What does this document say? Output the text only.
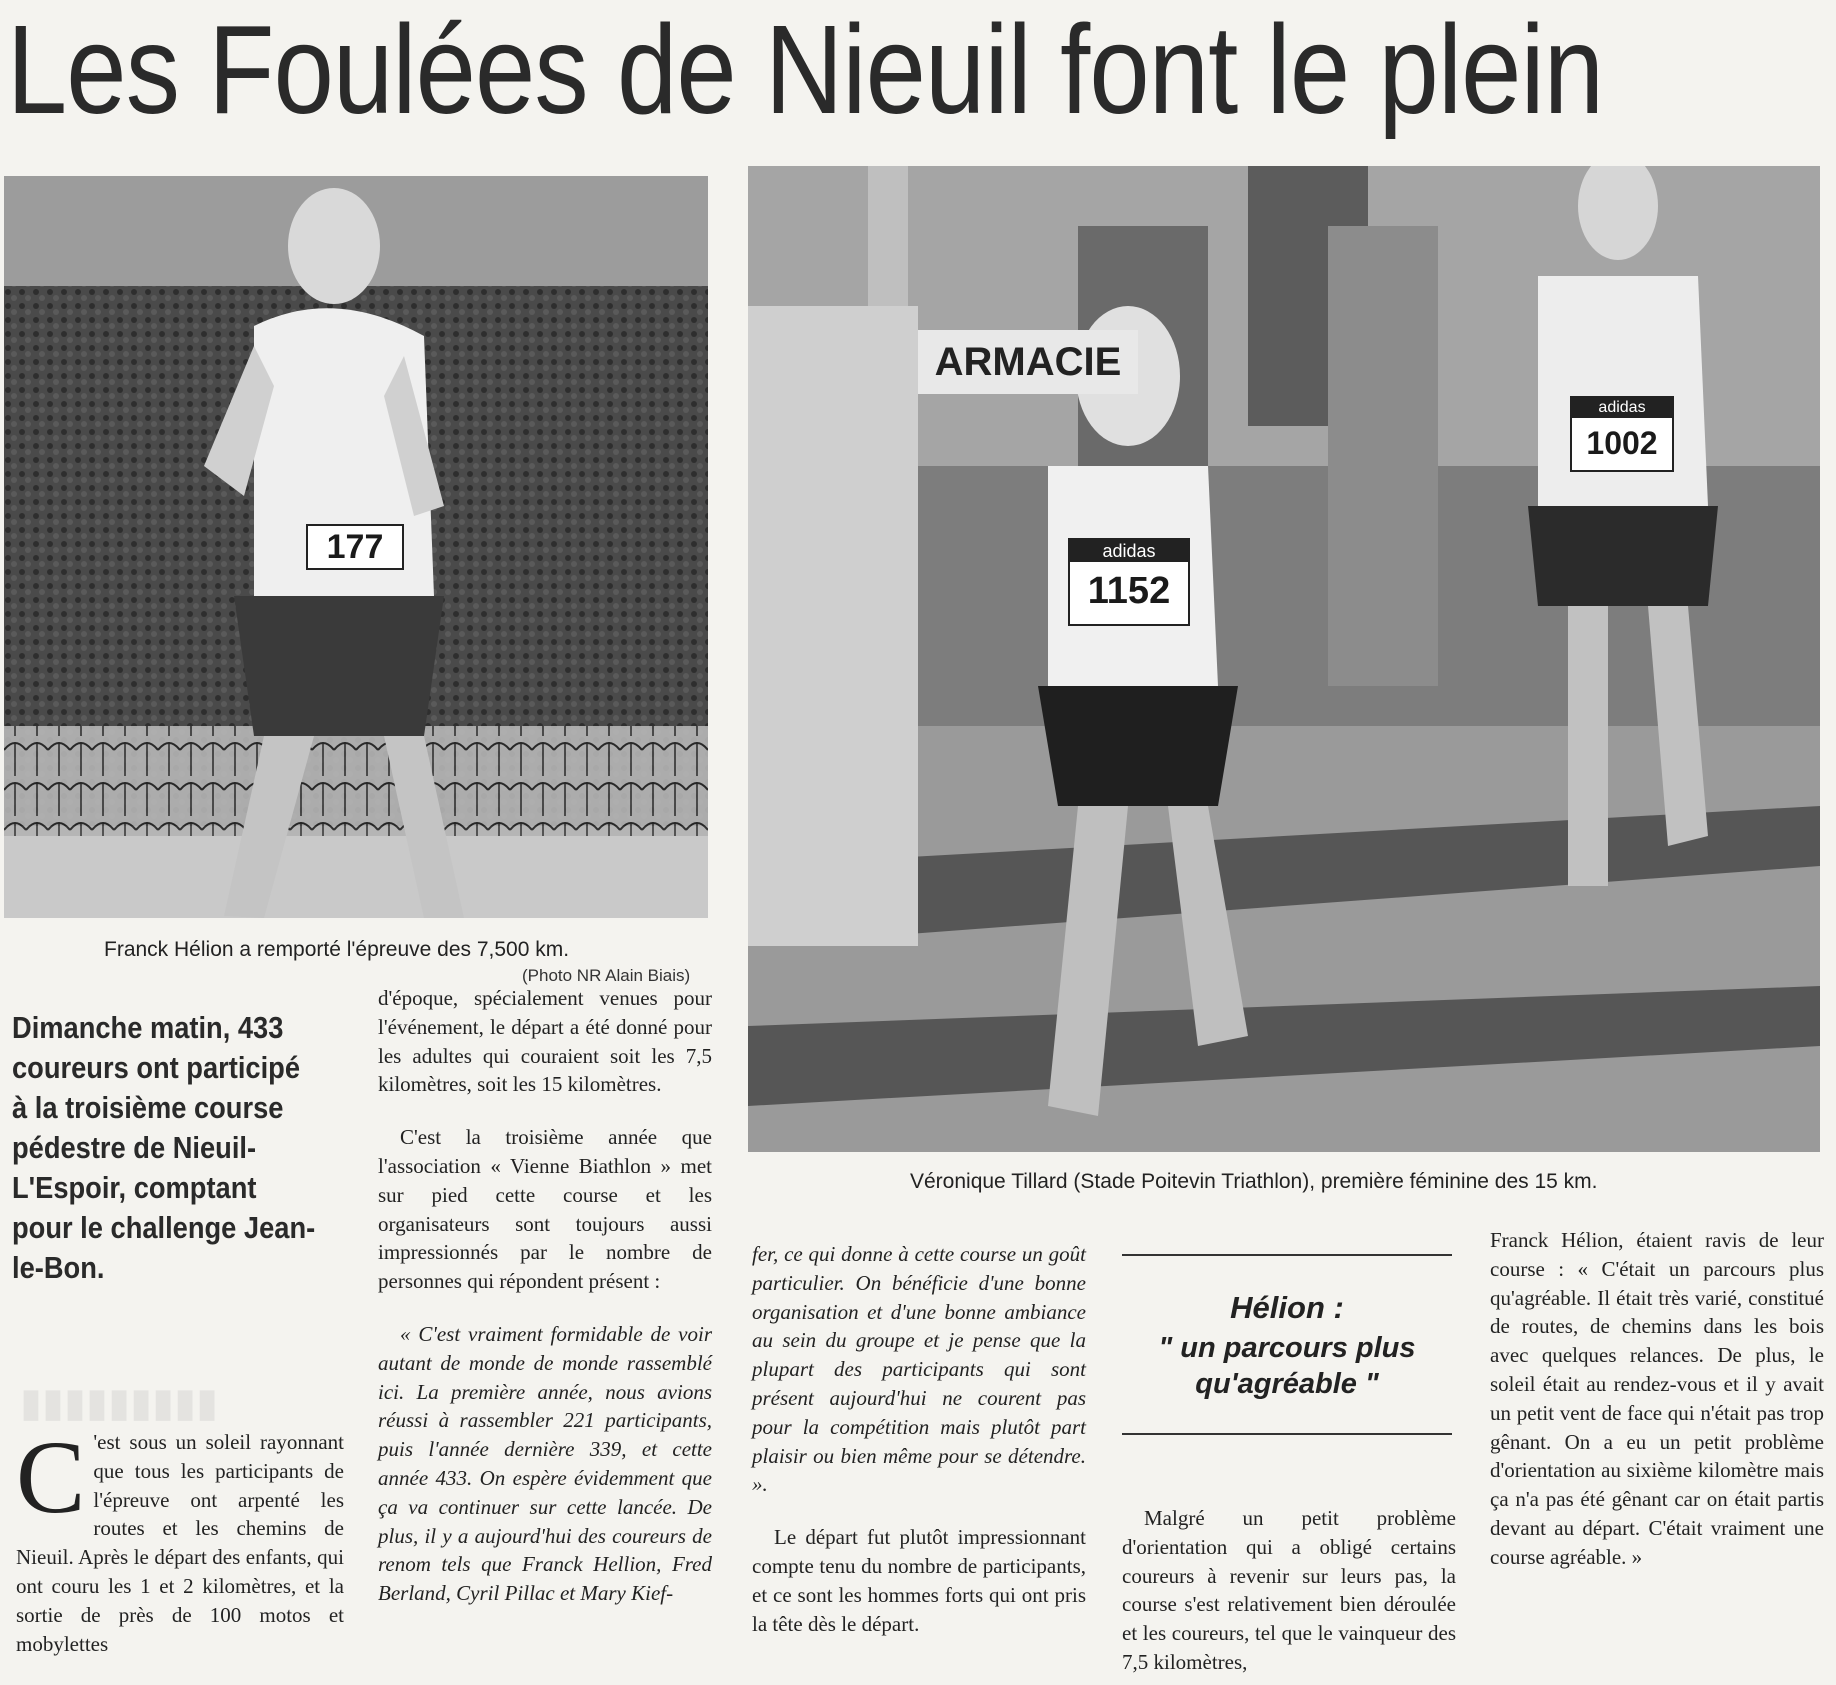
Les Foulées de Nieuil font le plein
177
Franck Hélion a remporté l'épreuve des 7,500 km.
(Photo NR Alain Biais)
ARMACIE
adidas
1152
adidas
1002
Véronique Tillard (Stade Poitevin Triathlon), première féminine des 15 km.
▮▮▮▮▮▮▮▮▮
Dimanche matin, 433 coureurs ont participé à la troisième course pédestre de Nieuil-L'Espoir, comptant pour le challenge Jean-le-Bon.

C 'est sous un soleil rayonnant que tous les participants de l'épreuve ont arpenté les routes et les chemins de Nieuil. Après le départ des enfants, qui ont couru les 1 et 2 kilomètres, et la sortie de près de 100 motos et mobylettes

d'époque, spécialement venues pour l'événement, le départ a été donné pour les adultes qui couraient soit les 7,5 kilomètres, soit les 15 kilomètres.

C'est la troisième année que l'association « Vienne Biathlon » met sur pied cette course et les organisateurs sont toujours aussi impressionnés par le nombre de personnes qui répondent présent :

« C'est vraiment formidable de voir autant de monde de monde rassemblé ici. La première année, nous avions réussi à rassembler 221 participants, puis l'année dernière 339, et cette année 433. On espère évidemment que ça va continuer sur cette lancée. De plus, il y a aujourd'hui des coureurs de renom tels que Franck Hellion, Fred Berland, Cyril Pillac et Mary Kief-

fer, ce qui donne à cette course un goût particulier. On bénéficie d'une bonne organisation et d'une bonne ambiance au sein du groupe et je pense que la plupart des participants qui sont présent aujourd'hui ne courent pas pour la compétition mais plutôt part plaisir ou bien même pour se détendre. ».

Le départ fut plutôt impressionnant compte tenu du nombre de participants, et ce sont les hommes forts qui ont pris la tête dès le départ.

Hélion :
" un parcours plus qu'agréable "

Malgré un petit problème d'orientation qui a obligé certains coureurs à revenir sur leurs pas, la course s'est relativement bien déroulée et les coureurs, tel que le vainqueur des 7,5 kilomètres,

Franck Hélion, étaient ravis de leur course : « C'était un parcours plus qu'agréable. Il était très varié, constitué de routes, de chemins dans les bois avec quelques relances. De plus, le soleil était au rendez-vous et il y avait un petit vent de face qui n'était pas trop gênant. On a eu un petit problème d'orientation au sixième kilomètre mais ça n'a pas été gênant car on était partis devant au départ. C'était vraiment une course agréable. »
